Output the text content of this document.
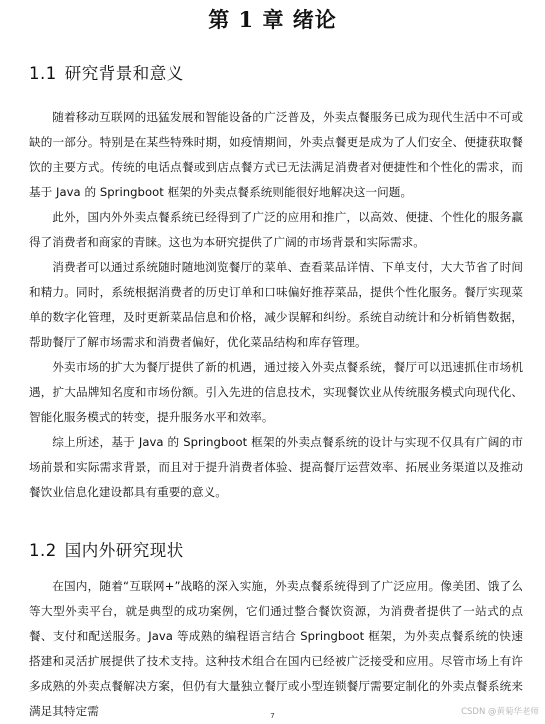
第 1 章 绪论
1.1 研究背景和意义

随着移动互联网的迅猛发展和智能设备的广泛普及，外卖点餐服务已成为现代生活中不可或缺的一部分。特别是在某些特殊时期，如疫情期间，外卖点餐更是成为了人们安全、便捷获取餐饮的主要方式。传统的电话点餐或到店点餐方式已无法满足消费者对便捷性和个性化的需求，而基于 Java 的 Springboot 框架的外卖点餐系统则能很好地解决这一问题。

此外，国内外外卖点餐系统已经得到了广泛的应用和推广，以高效、便捷、个性化的服务赢得了消费者和商家的青睐。这也为本研究提供了广阔的市场背景和实际需求。

消费者可以通过系统随时随地浏览餐厅的菜单、查看菜品详情、下单支付，大大节省了时间和精力。同时，系统根据消费者的历史订单和口味偏好推荐菜品，提供个性化服务。餐厅实现菜单的数字化管理，及时更新菜品信息和价格，减少误解和纠纷。系统自动统计和分析销售数据，帮助餐厅了解市场需求和消费者偏好，优化菜品结构和库存管理。

外卖市场的扩大为餐厅提供了新的机遇，通过接入外卖点餐系统，餐厅可以迅速抓住市场机遇，扩大品牌知名度和市场份额。引入先进的信息技术，实现餐饮业从传统服务模式向现代化、智能化服务模式的转变，提升服务水平和效率。

综上所述，基于 Java 的 Springboot 框架的外卖点餐系统的设计与实现不仅具有广阔的市场前景和实际需求背景，而且对于提升消费者体验、提高餐厅运营效率、拓展业务渠道以及推动餐饮业信息化建设都具有重要的意义。

1.2 国内外研究现状

在国内，随着“互联网+”战略的深入实施，外卖点餐系统得到了广泛应用。像美团、饿了么等大型外卖平台，就是典型的成功案例，它们通过整合餐饮资源，为消费者提供了一站式的点餐、支付和配送服务。Java 等成熟的编程语言结合 Springboot 框架，为外卖点餐系统的快速搭建和灵活扩展提供了技术支持。这种技术组合在国内已经被广泛接受和应用。尽管市场上有许多成熟的外卖点餐解决方案，但仍有大量独立餐厅或小型连锁餐厅需要定制化的外卖点餐系统来满足其特定需	7	CSDN @黄菊华老师
